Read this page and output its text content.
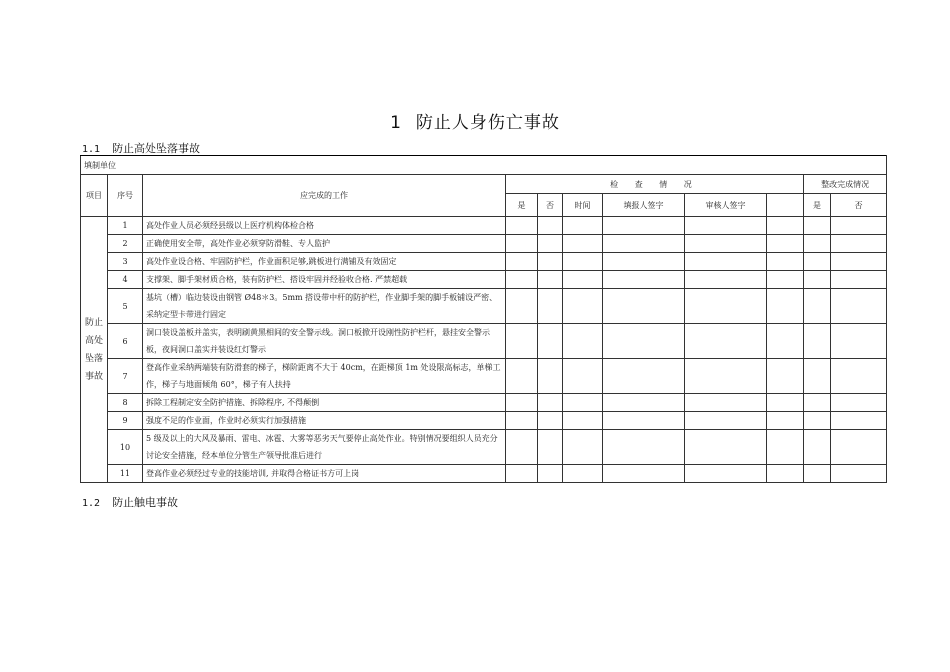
1 防止人身伤亡事故
1.1 防止高处坠落事故
填制单位											
项目	序号	应完成的工作	检 查 情 况						整改完成情况		
			是	否	时间	填报人签字	审核人签字		是	否	
防止
高处
坠落
事故	1	高处作业人员必须经县级以上医疗机构体检合格									
	2	正确使用安全带，高处作业必须穿防滑鞋、专人监护									
	3	高处作业设合格、牢固防护栏，作业面积足够,跳板进行满铺及有效固定									
	4	支撑架、脚手架材质合格，装有防护栏、搭设牢固并经验收合格. 严禁超载									
	5	基坑（槽）临边装设由钢管 Ø48＊3。5mm 搭设带中杆的防护栏，作业脚手架的脚手板铺设严密、采纳定型卡带进行固定									
	6	洞口装设盖板并盖实，表明刷黄黑相间的安全警示线。洞口板掀开设刚性防护栏杆，悬挂安全警示板，夜间洞口盖实并装设红灯警示									
	7	登高作业采纳两端装有防滑套的梯子，梯阶距离不大于 40cm，在距梯顶 1m 处设限高标志，单梯工作，梯子与地面倾角 60°，梯子有人扶持									
	8	拆除工程制定安全防护措施、拆除程序, 不得颠倒									
	9	强度不足的作业面，作业时必须实行加强措施									
	10	5 级及以上的大风及暴雨、雷电、冰雹、大雾等恶劣天气要停止高处作业。特别情况要组织人员充分讨论安全措施，经本单位分管生产领导批准后进行									
	11	登高作业必须经过专业的技能培训, 并取得合格证书方可上岗									
1.2 防止触电事故
